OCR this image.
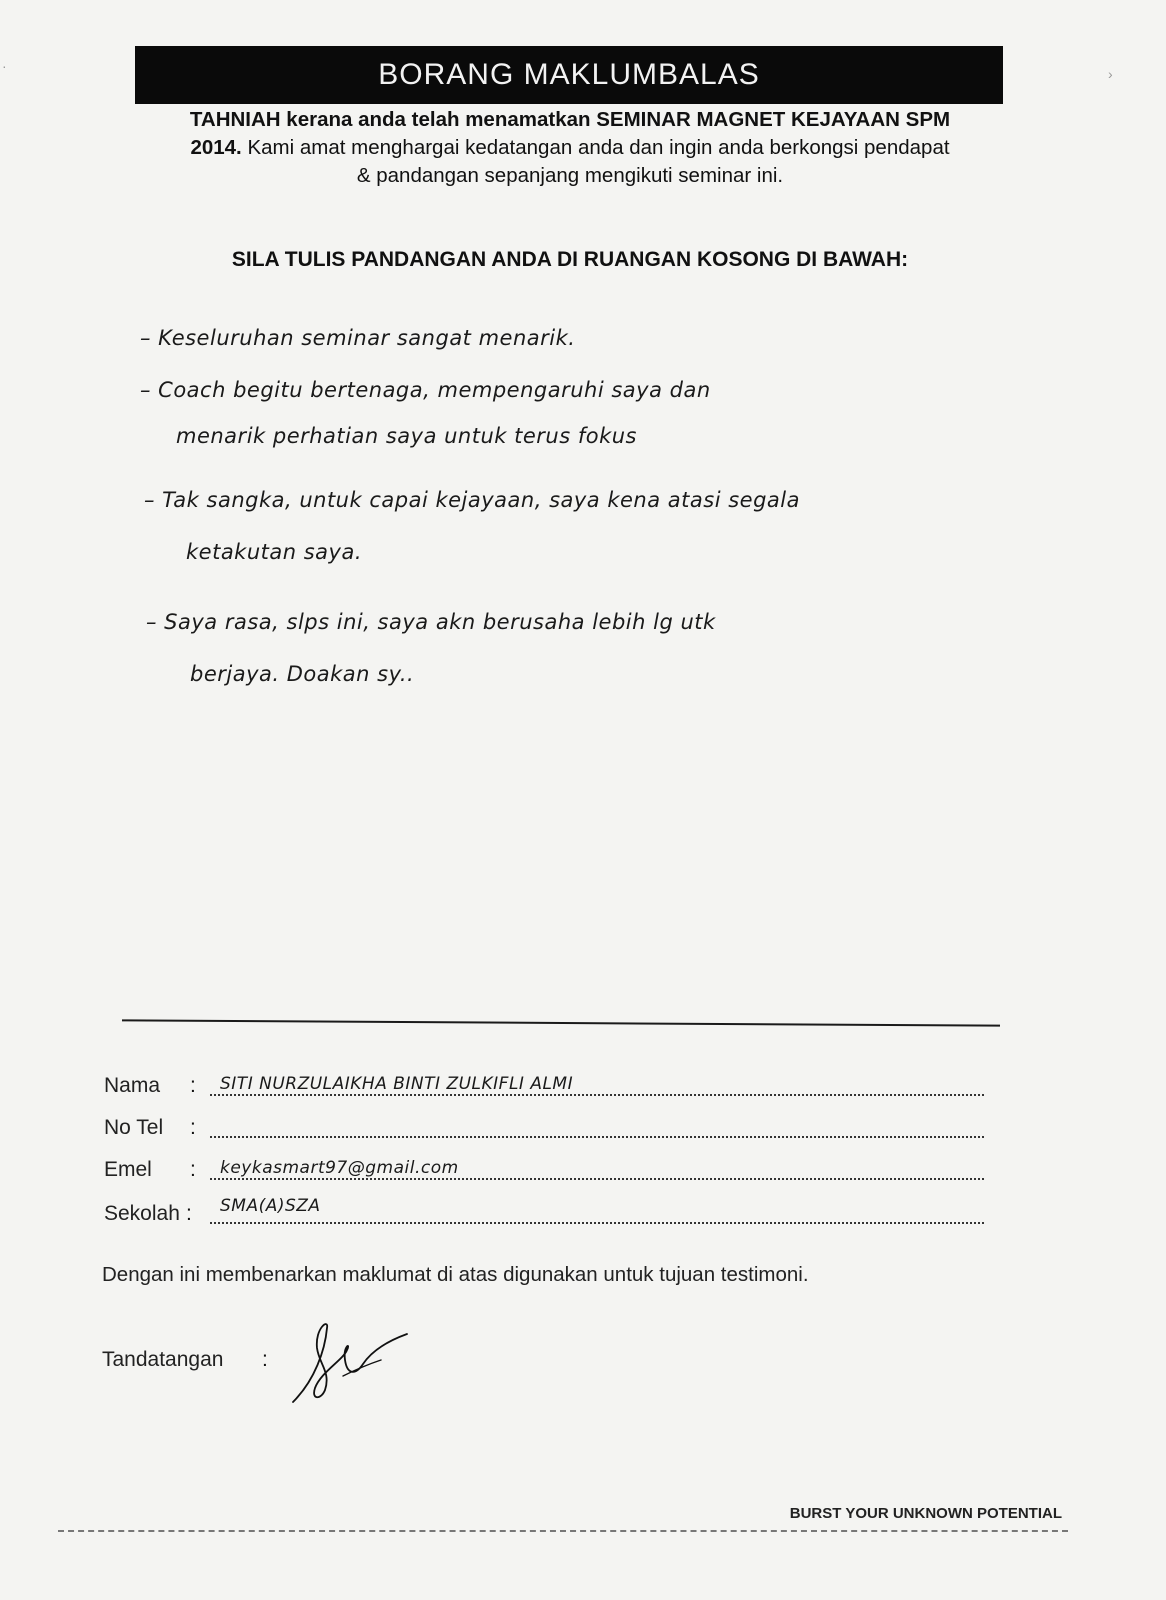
·	›
BORANG MAKLUMBALAS
TAHNIAH kerana anda telah menamatkan SEMINAR MAGNET KEJAYAAN SPM
2014. Kami amat menghargai kedatangan anda dan ingin anda berkongsi pendapat
& pandangan sepanjang mengikuti seminar ini.
SILA TULIS PANDANGAN ANDA DI RUANGAN KOSONG DI BAWAH:
– Keseluruhan seminar sangat menarik.
– Coach begitu bertenaga, mempengaruhi saya dan
menarik perhatian saya untuk terus fokus
– Tak sangka, untuk capai kejayaan, saya kena atasi segala
ketakutan saya.
– Saya rasa, slps ini, saya akn berusaha lebih lg utk
berjaya. Doakan sy..
Nama : SITI NURZULAIKHA BINTI ZULKIFLI ALMI
No Tel :
Emel : keykasmart97@gmail.com
Sekolah : SMA(A)SZA
Dengan ini membenarkan maklumat di atas digunakan untuk tujuan testimoni.
Tandatangan :
BURST YOUR UNKNOWN POTENTIAL
